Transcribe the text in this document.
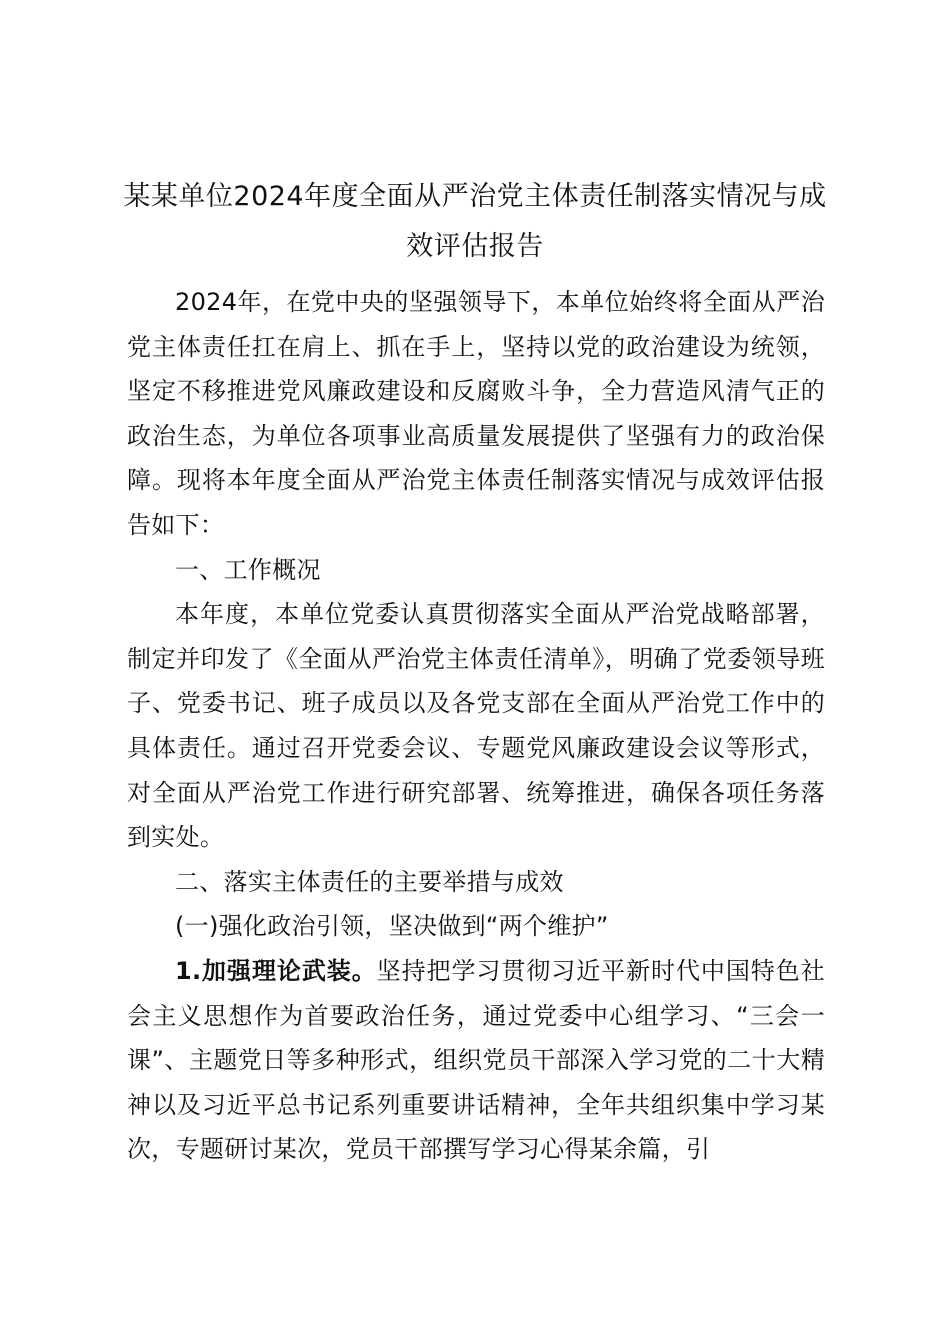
某某单位2024年度全面从严治党主体责任制落实情况与成效评估报告

2024年，在党中央的坚强领导下，本单位始终将全面从严治党主体责任扛在肩上、抓在手上，坚持以党的政治建设为统领，坚定不移推进党风廉政建设和反腐败斗争，全力营造风清气正的政治生态，为单位各项事业高质量发展提供了坚强有力的政治保障。现将本年度全面从严治党主体责任制落实情况与成效评估报告如下：

一、工作概况

本年度，本单位党委认真贯彻落实全面从严治党战略部署，制定并印发了《全面从严治党主体责任清单》，明确了党委领导班子、党委书记、班子成员以及各党支部在全面从严治党工作中的具体责任。通过召开党委会议、专题党风廉政建设会议等形式，对全面从严治党工作进行研究部署、统筹推进，确保各项任务落到实处。

二、落实主体责任的主要举措与成效

(一)强化政治引领，坚决做到“两个维护”

1.加强理论武装。坚持把学习贯彻习近平新时代中国特色社会主义思想作为首要政治任务，通过党委中心组学习、“三会一课”、主题党日等多种形式，组织党员干部深入学习党的二十大精神以及习近平总书记系列重要讲话精神，全年共组织集中学习某次，专题研讨某次，党员干部撰写学习心得某余篇，引
